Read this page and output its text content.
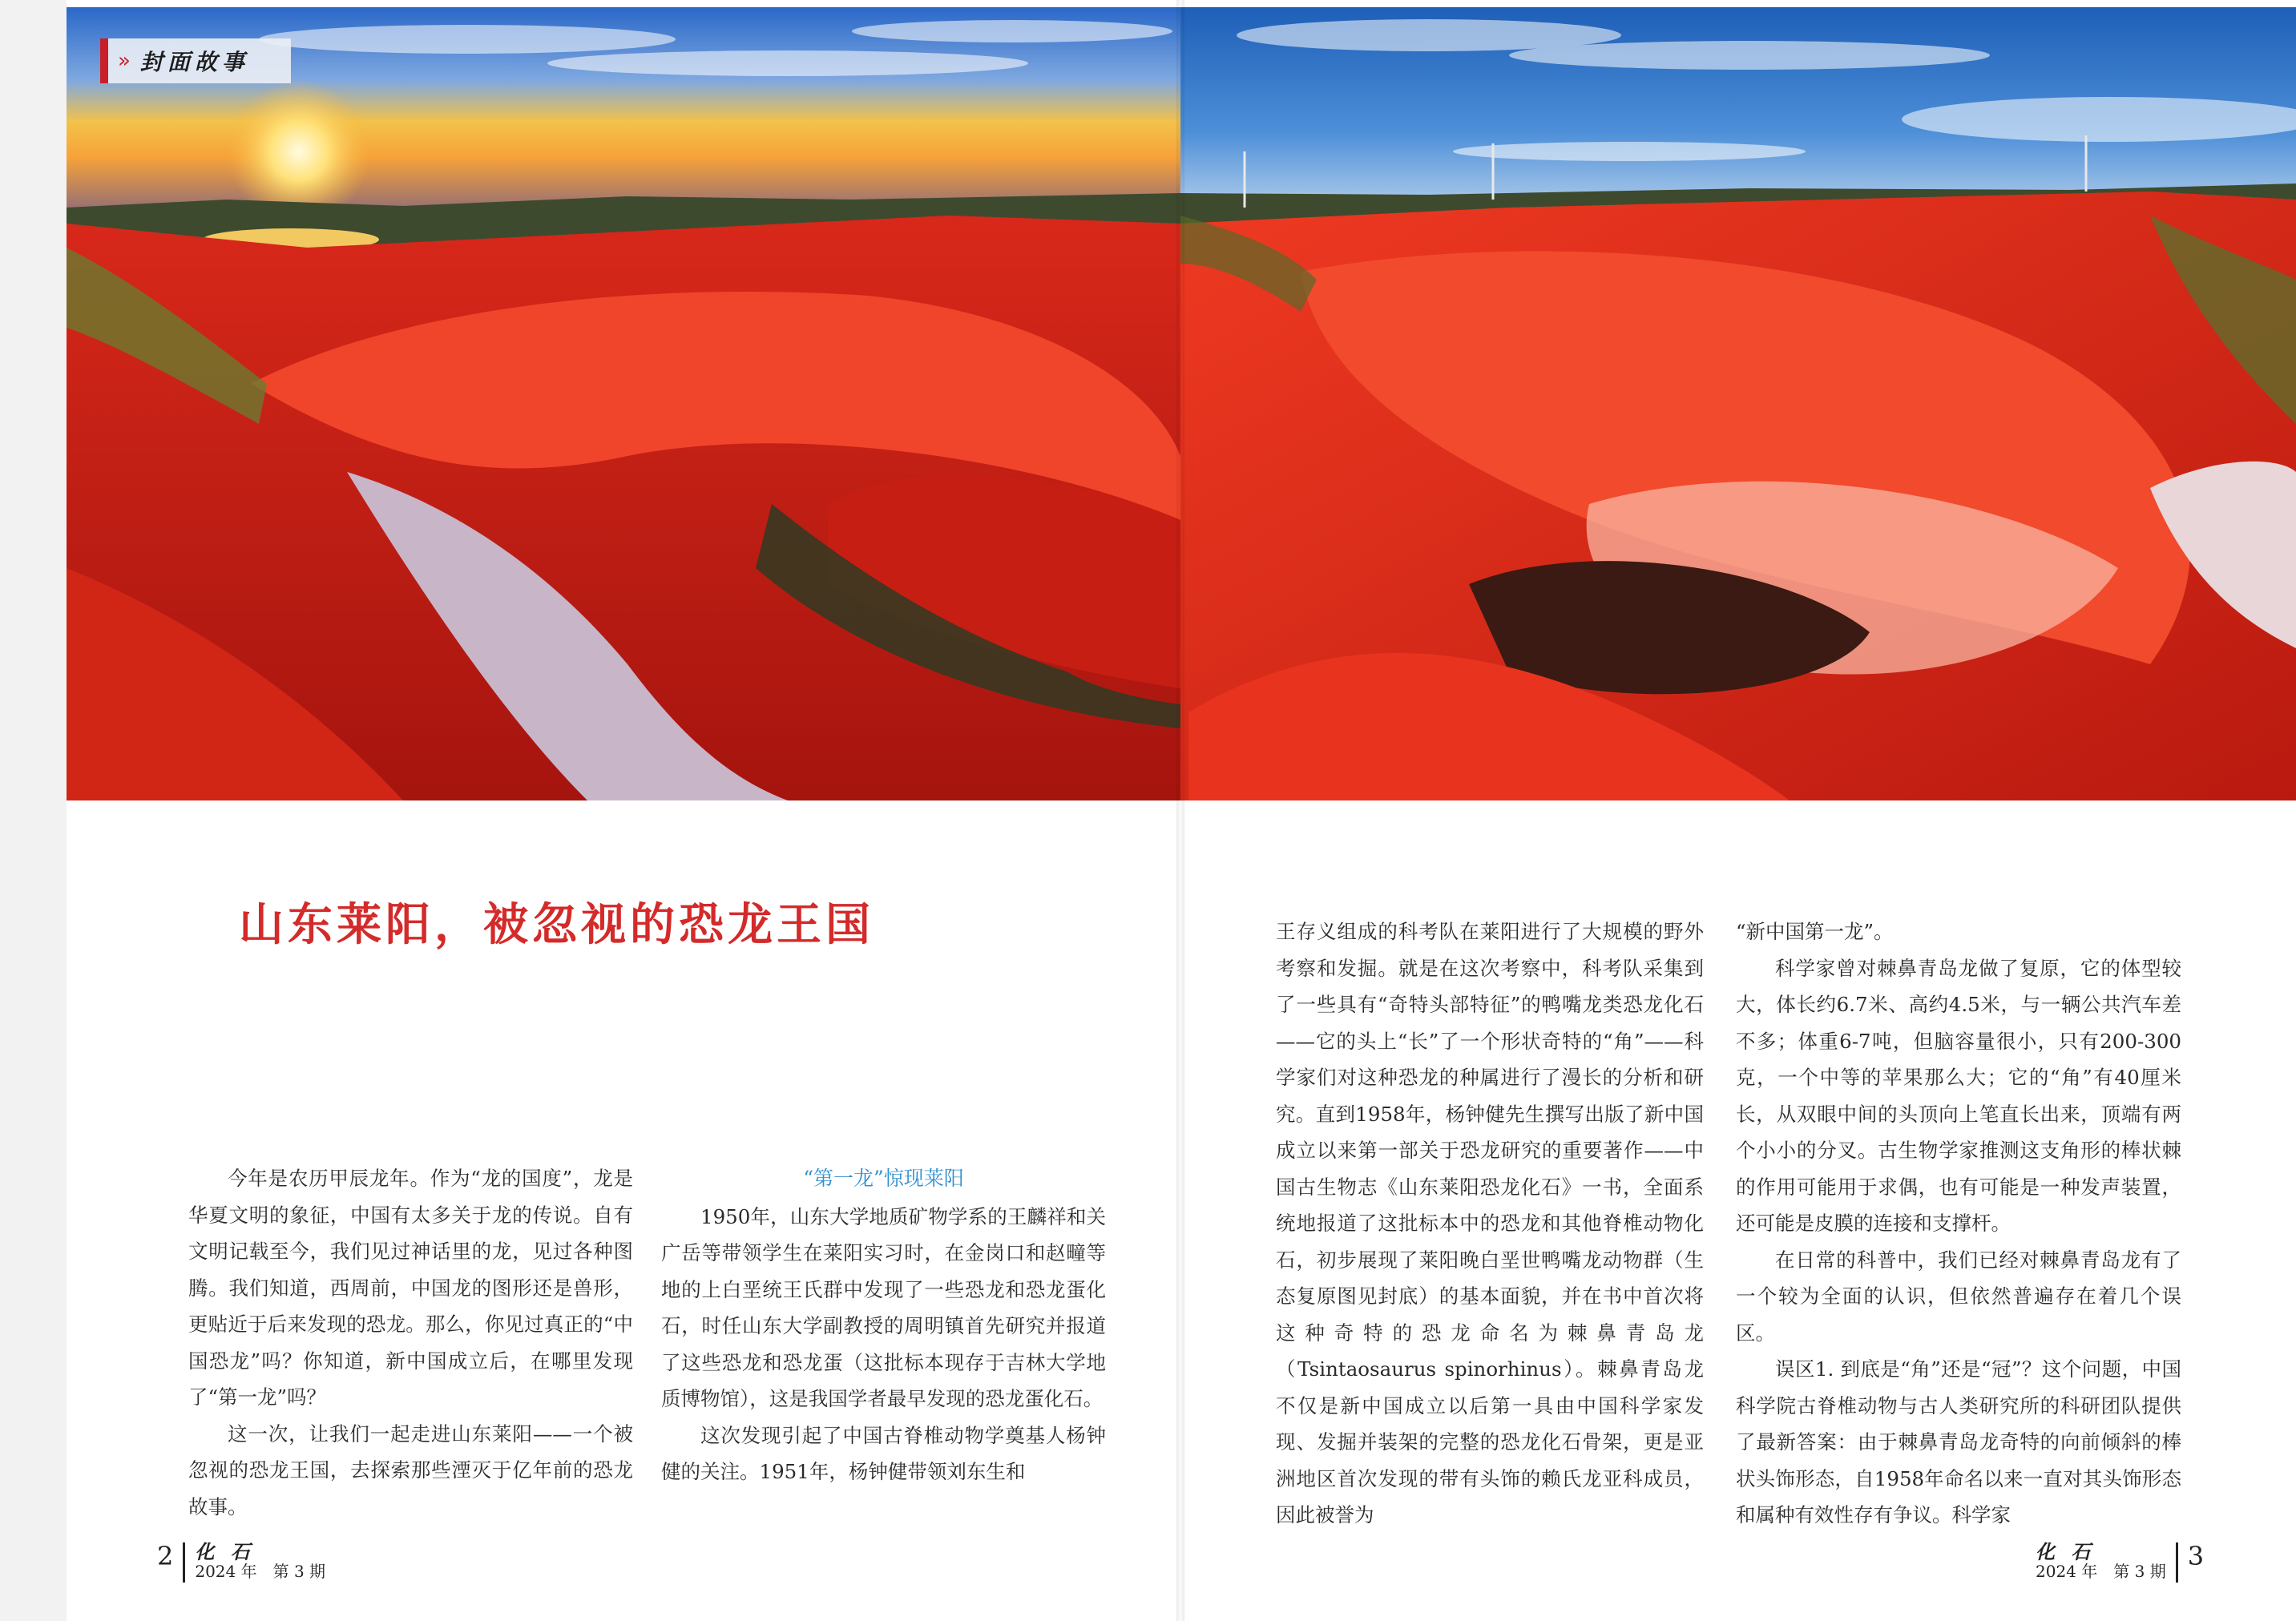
» 封面故事
山东莱阳，被忽视的恐龙王国

今年是农历甲辰龙年。作为“龙的国度”，龙是华夏文明的象征，中国有太多关于龙的传说。自有文明记载至今，我们见过神话里的龙，见过各种图腾。我们知道，西周前，中国龙的图形还是兽形，更贴近于后来发现的恐龙。那么，你见过真正的“中国恐龙”吗？你知道，新中国成立后，在哪里发现了“第一龙”吗？

这一次，让我们一起走进山东莱阳——一个被忽视的恐龙王国，去探索那些湮灭于亿年前的恐龙故事。

“第一龙”惊现莱阳

1950年，山东大学地质矿物学系的王麟祥和关广岳等带领学生在莱阳实习时，在金岗口和赵疃等地的上白垩统王氏群中发现了一些恐龙和恐龙蛋化石，时任山东大学副教授的周明镇首先研究并报道了这些恐龙和恐龙蛋（这批标本现存于吉林大学地质博物馆），这是我国学者最早发现的恐龙蛋化石。

这次发现引起了中国古脊椎动物学奠基人杨钟健的关注。1951年，杨钟健带领刘东生和

王存义组成的科考队在莱阳进行了大规模的野外考察和发掘。就是在这次考察中，科考队采集到了一些具有“奇特头部特征”的鸭嘴龙类恐龙化石——它的头上“长”了一个形状奇特的“角”——科学家们对这种恐龙的种属进行了漫长的分析和研究。直到1958年，杨钟健先生撰写出版了新中国成立以来第一部关于恐龙研究的重要著作——中国古生物志《山东莱阳恐龙化石》一书，全面系统地报道了这批标本中的恐龙和其他脊椎动物化石，初步展现了莱阳晚白垩世鸭嘴龙动物群（生态复原图见封底）的基本面貌，并在书中首次将这种奇特的恐龙命名为棘鼻青岛龙（Tsintaosaurus spinorhinus）。棘鼻青岛龙不仅是新中国成立以后第一具由中国科学家发现、发掘并装架的完整的恐龙化石骨架，更是亚洲地区首次发现的带有头饰的赖氏龙亚科成员，因此被誉为

“新中国第一龙”。

科学家曾对棘鼻青岛龙做了复原，它的体型较大，体长约6.7米、高约4.5米，与一辆公共汽车差不多；体重6-7吨，但脑容量很小，只有200-300克，一个中等的苹果那么大；它的“角”有40厘米长，从双眼中间的头顶向上笔直长出来，顶端有两个小小的分叉。古生物学家推测这支角形的棒状棘的作用可能用于求偶，也有可能是一种发声装置，还可能是皮膜的连接和支撑杆。

在日常的科普中，我们已经对棘鼻青岛龙有了一个较为全面的认识，但依然普遍存在着几个误区。

误区1. 到底是“角”还是“冠”？这个问题，中国科学院古脊椎动物与古人类研究所的科研团队提供了最新答案：由于棘鼻青岛龙奇特的向前倾斜的棒状头饰形态，自1958年命名以来一直对其头饰形态和属种有效性存有争议。科学家

2 化 石
2024 年　第 3 期
化 石
2024 年　第 3 期 3
